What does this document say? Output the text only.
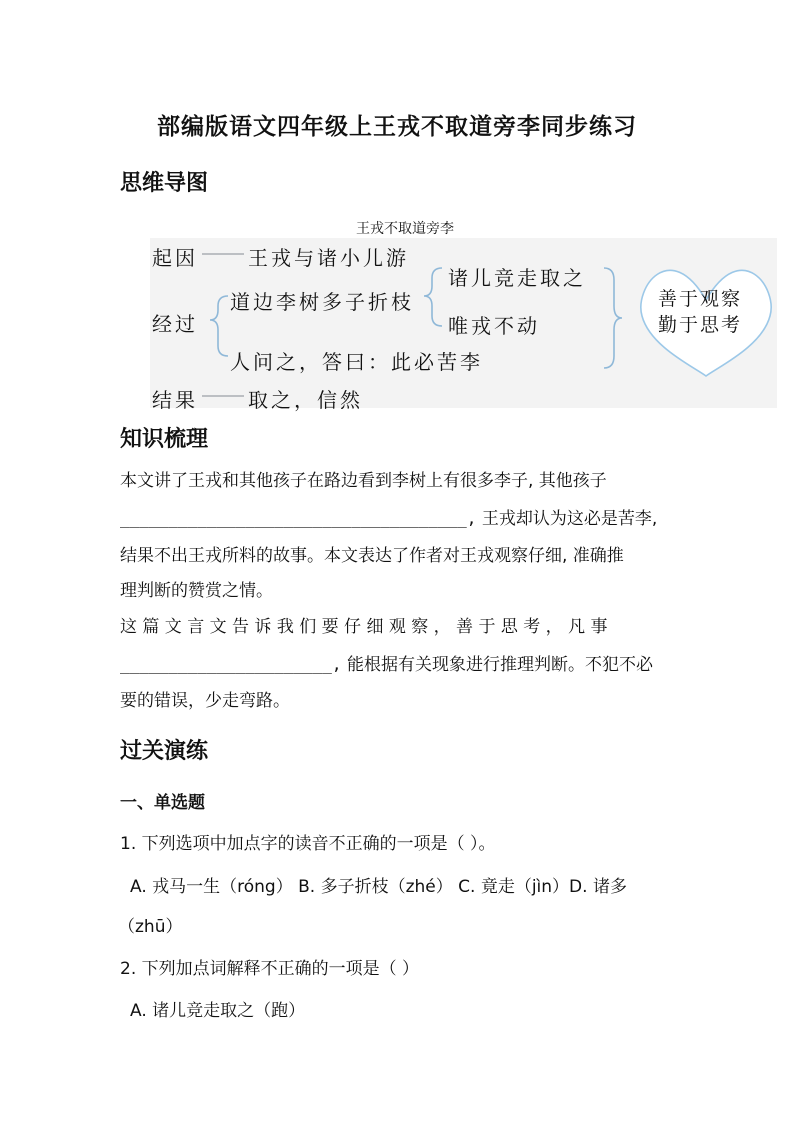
部编版语文四年级上王戎不取道旁李同步练习
思维导图
王戎不取道旁李
起因	王戎与诸小儿游
经过
道边李树多子折枝
诸儿竞走取之
唯戎不动
人问之，答曰：此必苦李
结果	取之，信然
善于观察
勤于思考
知识梳理
本文讲了王戎和其他孩子在路边看到李树上有很多李子, 其他孩子
____________________________________, 王戎却认为这必是苦李,
结果不出王戎所料的故事。本文表达了作者对王戎观察仔细, 准确推
理判断的赞赏之情。
这 篇 文 言 文 告 诉 我 们 要 仔 细 观 察 ， 善 于 思 考 ， 凡 事
______________________, 能根据有关现象进行推理判断。不犯不必
要的错误，少走弯路。
过关演练
一、单选题
1. 下列选项中加点字的读音不正确的一项是（ ）。
A. 戎马一生（róng） B. 多子折枝（zhé） C. 竟走（jìn）D. 诸多
（zhū）
2. 下列加点词解释不正确的一项是（ ）
A. 诸儿竞走取之（跑）
